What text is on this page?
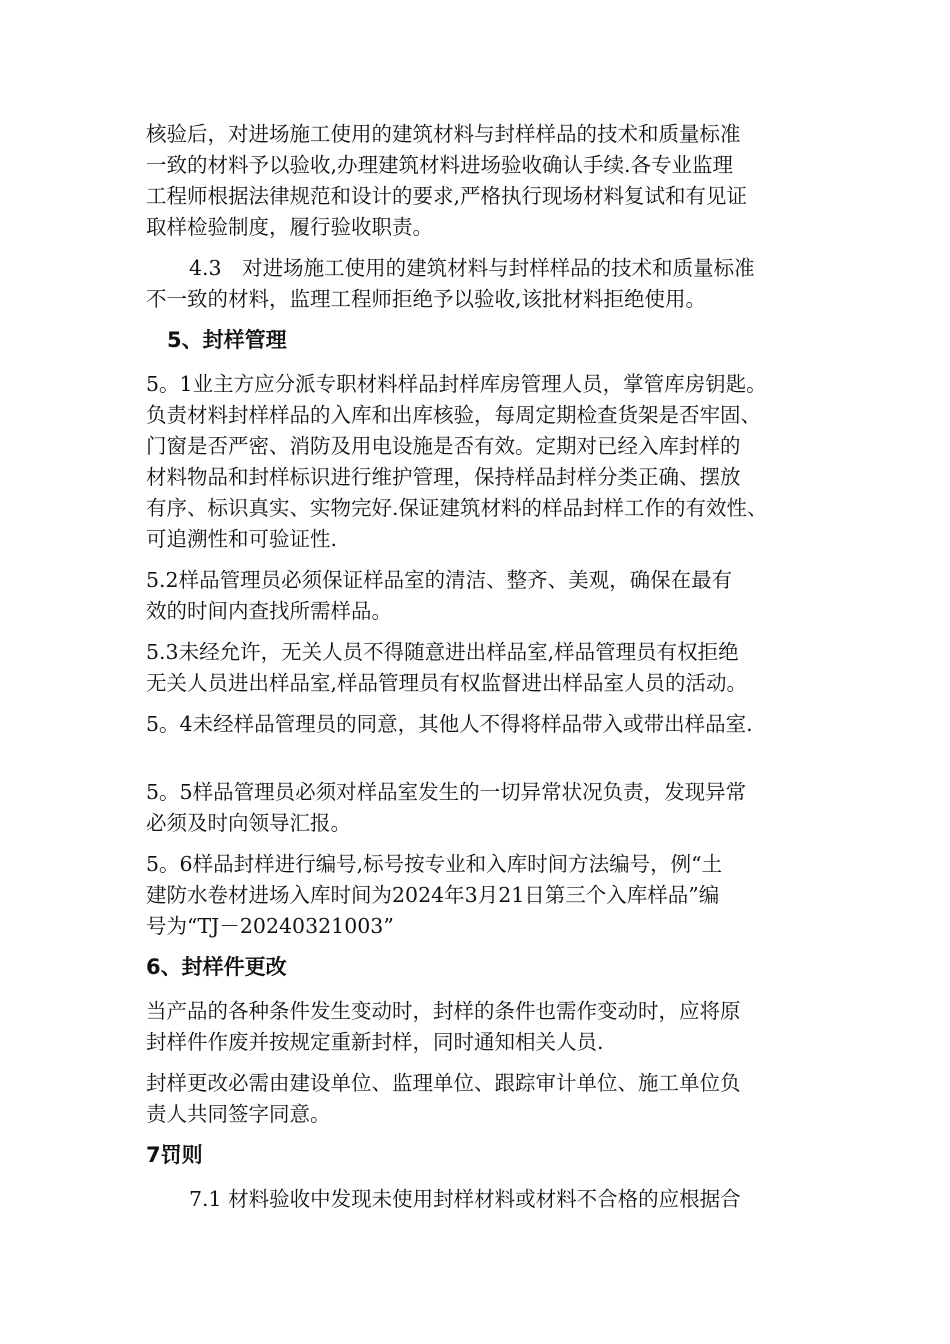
核验后，对进场施工使用的建筑材料与封样样品的技术和质量标准
一致的材料予以验收,办理建筑材料进场验收确认手续.各专业监理
工程师根据法律规范和设计的要求,严格执行现场材料复试和有见证
取样检验制度，履行验收职责。
4.3　对进场施工使用的建筑材料与封样样品的技术和质量标准
不一致的材料，监理工程师拒绝予以验收,该批材料拒绝使用。
5、封样管理
5。1业主方应分派专职材料样品封样库房管理人员，掌管库房钥匙。
负责材料封样样品的入库和出库核验，每周定期检查货架是否牢固、
门窗是否严密、消防及用电设施是否有效。定期对已经入库封样的
材料物品和封样标识进行维护管理，保持样品封样分类正确、摆放
有序、标识真实、实物完好.保证建筑材料的样品封样工作的有效性、
可追溯性和可验证性.
5.2样品管理员必须保证样品室的清洁、整齐、美观，确保在最有
效的时间内查找所需样品。
5.3未经允许，无关人员不得随意进出样品室,样品管理员有权拒绝
无关人员进出样品室,样品管理员有权监督进出样品室人员的活动。
5。4未经样品管理员的同意，其他人不得将样品带入或带出样品室.
5。5样品管理员必须对样品室发生的一切异常状况负责，发现异常
必须及时向领导汇报。
5。6样品封样进行编号,标号按专业和入库时间方法编号，例“土
建防水卷材进场入库时间为2024年3月21日第三个入库样品”编
号为“TJ－20240321003”
6、封样件更改
当产品的各种条件发生变动时，封样的条件也需作变动时，应将原
封样件作废并按规定重新封样，同时通知相关人员.
封样更改必需由建设单位、监理单位、跟踪审计单位、施工单位负
责人共同签字同意。
7罚则
7.1 材料验收中发现未使用封样材料或材料不合格的应根据合
